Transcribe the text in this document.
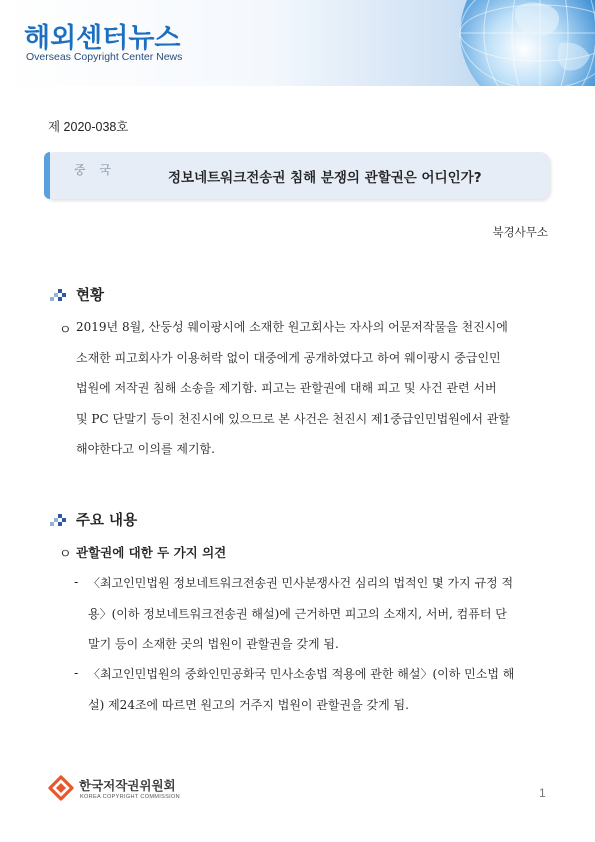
해외센터뉴스
Overseas Copyright Center News
제 2020-038호
중 국	정보네트워크전송권 침해 분쟁의 관할권은 어디인가?
북경사무소
현황
ㅇ 2019년 8월, 산둥성 웨이팡시에 소재한 원고회사는 자사의 어문저작물을 천진시에
소재한 피고회사가 이용허락 없이 대중에게 공개하였다고 하여 웨이팡시 중급인민
법원에 저작권 침해 소송을 제기함. 피고는 관할권에 대해 피고 및 사건 관련 서버
및 PC 단말기 등이 천진시에 있으므로 본 사건은 천진시 제1중급인민법원에서 관할
해야한다고 이의를 제기함.
주요 내용
ㅇ 관할권에 대한 두 가지 의견
- 〈최고인민법원 정보네트워크전송권 민사분쟁사건 심리의 법적인 몇 가지 규정 적
용〉(이하 정보네트워크전송권 해설)에 근거하면 피고의 소재지, 서버, 컴퓨터 단
말기 등이 소재한 곳의 법원이 관할권을 갖게 됨.
- 〈최고인민법원의 중화인민공화국 민사소송법 적용에 관한 해설〉(이하 민소법 해
설) 제24조에 따르면 원고의 거주지 법원이 관할권을 갖게 됨.
한국저작권위원회
KOREA COPYRIGHT COMMISSION	1
